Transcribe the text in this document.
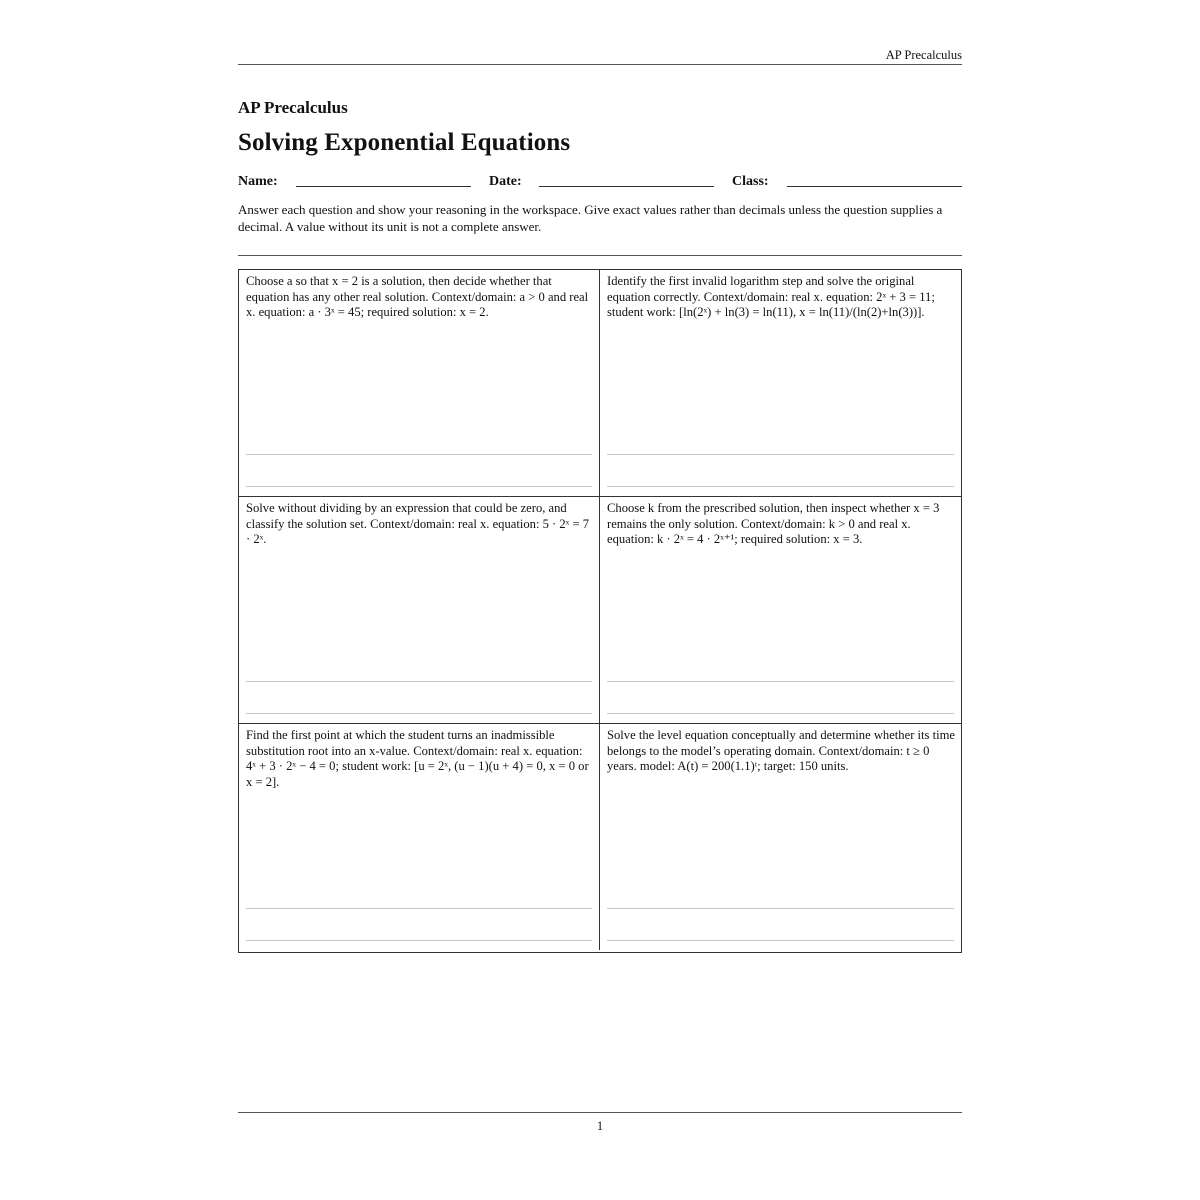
AP Precalculus
AP Precalculus
Solving Exponential Equations
Name:	Date:	Class:
Answer each question and show your reasoning in the workspace. Give exact values rather than decimals unless the question supplies a decimal. A value without its unit is not a complete answer.
Choose a so that x = 2 is a solution, then decide whether that equation has any other real solution. Context/domain: a > 0 and real x. equation: a · 3ˣ = 45; required solution: x = 2.
Identify the first invalid logarithm step and solve the original equation correctly. Context/domain: real x. equation: 2ˣ + 3 = 11; student work: [ln(2ˣ) + ln(3) = ln(11), x = ln(11)/(ln(2)+ln(3))].
Solve without dividing by an expression that could be zero, and classify the solution set. Context/domain: real x. equation: 5 · 2ˣ = 7 · 2ˣ.
Choose k from the prescribed solution, then inspect whether x = 3 remains the only solution. Context/domain: k > 0 and real x. equation: k · 2ˣ = 4 · 2ˣ⁺¹; required solution: x = 3.
Find the first point at which the student turns an inadmissible substitution root into an x-value. Context/domain: real x. equation: 4ˣ + 3 · 2ˣ − 4 = 0; student work: [u = 2ˣ, (u − 1)(u + 4) = 0, x = 0 or x = 2].
Solve the level equation conceptually and determine whether its time belongs to the model’s operating domain. Context/domain: t ≥ 0 years. model: A(t) = 200(1.1)ᵗ; target: 150 units.
1
